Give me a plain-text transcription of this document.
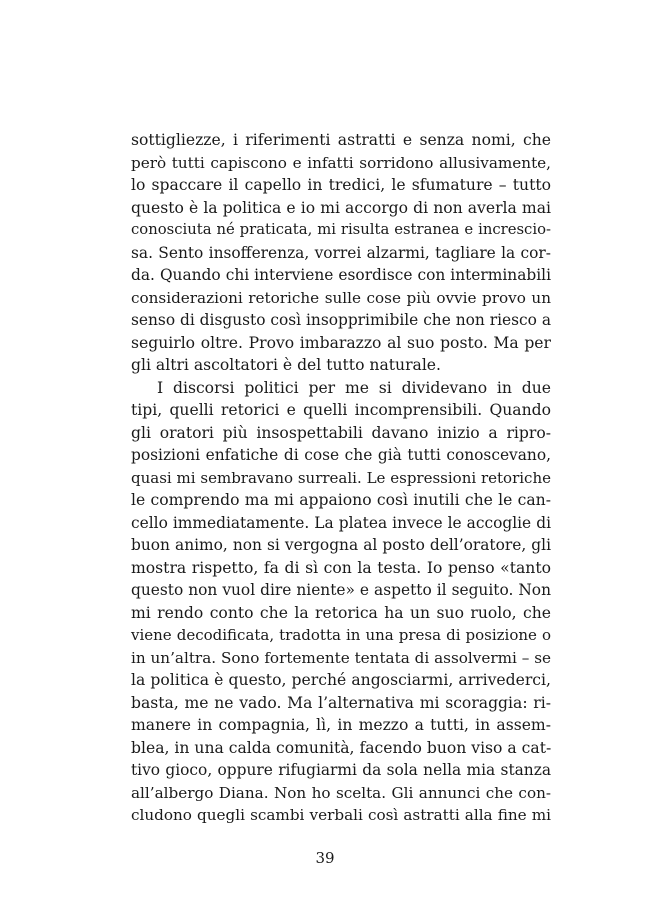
sottigliezze, i riferimenti astratti e senza nomi, che
però tutti capiscono e infatti sorridono allusivamente,
lo spaccare il capello in tredici, le sfumature – tutto
questo è la politica e io mi accorgo di non averla mai
conosciuta né praticata, mi risulta estranea e increscio-
sa. Sento insofferenza, vorrei alzarmi, tagliare la cor-
da. Quando chi interviene esordisce con interminabili
considerazioni retoriche sulle cose più ovvie provo un
senso di disgusto così insopprimibile che non riesco a
seguirlo oltre. Provo imbarazzo al suo posto. Ma per
gli altri ascoltatori è del tutto naturale.
I discorsi politici per me si dividevano in due
tipi, quelli retorici e quelli incomprensibili. Quando
gli oratori più insospettabili davano inizio a ripro-
posizioni enfatiche di cose che già tutti conoscevano,
quasi mi sembravano surreali. Le espressioni retoriche
le comprendo ma mi appaiono così inutili che le can-
cello immediatamente. La platea invece le accoglie di
buon animo, non si vergogna al posto dell’oratore, gli
mostra rispetto, fa di sì con la testa. Io penso «tanto
questo non vuol dire niente» e aspetto il seguito. Non
mi rendo conto che la retorica ha un suo ruolo, che
viene decodificata, tradotta in una presa di posizione o
in un’altra. Sono fortemente tentata di assolvermi – se
la politica è questo, perché angosciarmi, arrivederci,
basta, me ne vado. Ma l’alternativa mi scoraggia: ri-
manere in compagnia, lì, in mezzo a tutti, in assem-
blea, in una calda comunità, facendo buon viso a cat-
tivo gioco, oppure rifugiarmi da sola nella mia stanza
all’albergo Diana. Non ho scelta. Gli annunci che con-
cludono quegli scambi verbali così astratti alla fine mi
39
